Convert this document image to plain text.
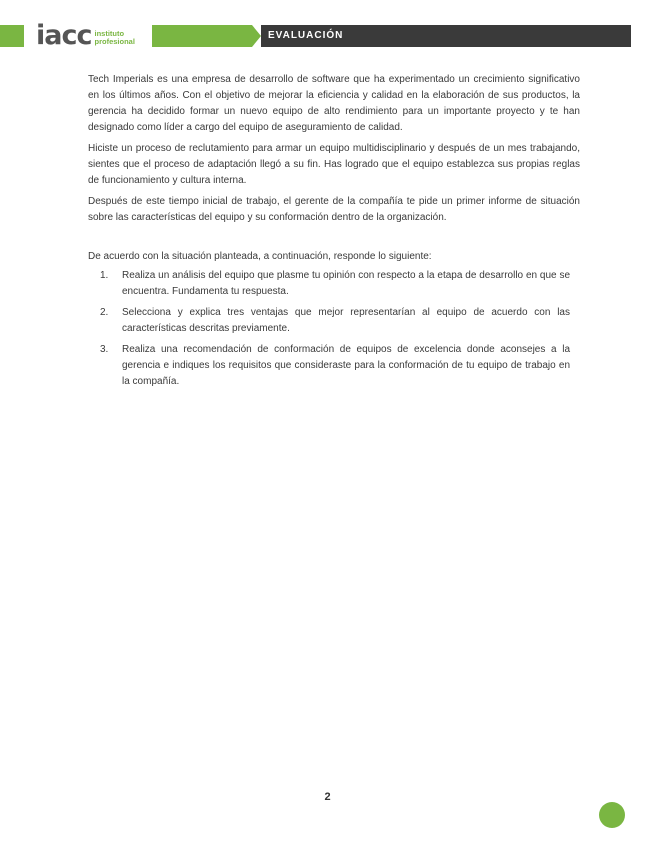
iacc instituto
profesional
EVALUACIÓN

Tech Imperials es una empresa de desarrollo de software que ha experimentado un crecimiento significativo en los últimos años. Con el objetivo de mejorar la eficiencia y calidad en la elaboración de sus productos, la gerencia ha decidido formar un nuevo equipo de alto rendimiento para un importante proyecto y te han designado como líder a cargo del equipo de aseguramiento de calidad.

Hiciste un proceso de reclutamiento para armar un equipo multidisciplinario y después de un mes trabajando, sientes que el proceso de adaptación llegó a su fin. Has logrado que el equipo establezca sus propias reglas de funcionamiento y cultura interna.

Después de este tiempo inicial de trabajo, el gerente de la compañía te pide un primer informe de situación sobre las características del equipo y su conformación dentro de la organización.

De acuerdo con la situación planteada, a continuación, responde lo siguiente:
1.	Realiza un análisis del equipo que plasme tu opinión con respecto a la etapa de desarrollo en que se encuentra. Fundamenta tu respuesta.
2.	Selecciona y explica tres ventajas que mejor representarían al equipo de acuerdo con las características descritas previamente.
3.	Realiza una recomendación de conformación de equipos de excelencia donde aconsejes a la gerencia e indiques los requisitos que consideraste para la conformación de tu equipo de trabajo en la compañía.
2
